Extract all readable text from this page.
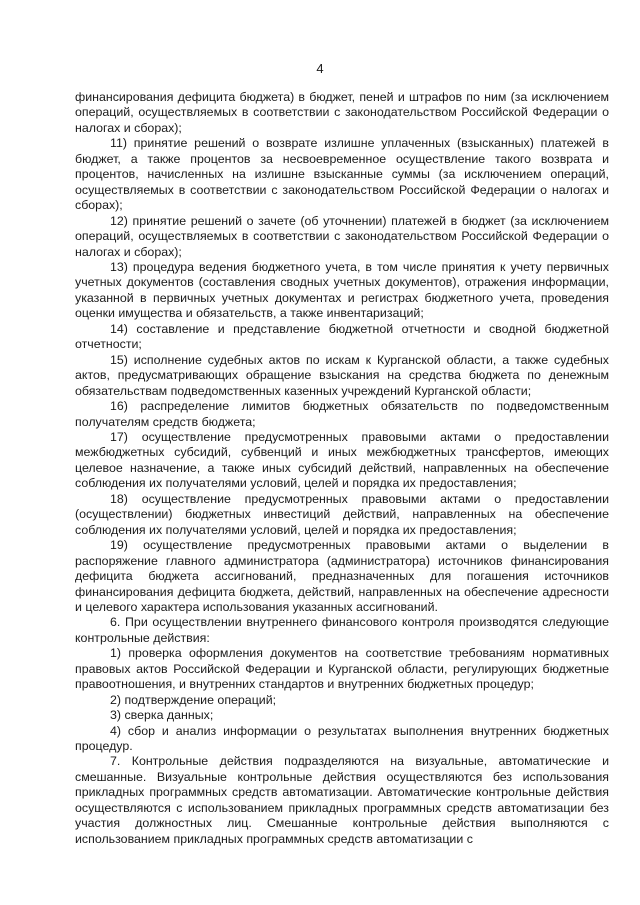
4

финансирования дефицита бюджета) в бюджет, пеней и штрафов по ним (за исключением операций, осуществляемых в соответствии с законодательством Российской Федерации о налогах и сборах);

11) принятие решений о возврате излишне уплаченных (взысканных) платежей в бюджет, а также процентов за несвоевременное осуществление такого возврата и процентов, начисленных на излишне взысканные суммы (за исключением операций, осуществляемых в соответствии с законодательством Российской Федерации о налогах и сборах);

12) принятие решений о зачете (об уточнении) платежей в бюджет (за исключением операций, осуществляемых в соответствии с законодательством Российской Федерации о налогах и сборах);

13) процедура ведения бюджетного учета, в том числе принятия к учету первичных учетных документов (составления сводных учетных документов), отражения информации, указанной в первичных учетных документах и регистрах бюджетного учета, проведения оценки имущества и обязательств, а также инвентаризаций;

14) составление и представление бюджетной отчетности и сводной бюджетной отчетности;

15) исполнение судебных актов по искам к Курганской области, а также судебных актов, предусматривающих обращение взыскания на средства бюджета по денежным обязательствам подведомственных казенных учреждений Курганской области;

16) распределение лимитов бюджетных обязательств по подведомственным получателям средств бюджета;

17) осуществление предусмотренных правовыми актами о предоставлении межбюджетных субсидий, субвенций и иных межбюджетных трансфертов, имеющих целевое назначение, а также иных субсидий действий, направленных на обеспечение соблюдения их получателями условий, целей и порядка их предоставления;

18) осуществление предусмотренных правовыми актами о предоставлении (осуществлении) бюджетных инвестиций действий, направленных на обеспечение соблюдения их получателями условий, целей и порядка их предоставления;

19) осуществление предусмотренных правовыми актами о выделении в распоряжение главного администратора (администратора) источников финансирования дефицита бюджета ассигнований, предназначенных для погашения источников финансирования дефицита бюджета, действий, направленных на обеспечение адресности и целевого характера использования указанных ассигнований.

6. При осуществлении внутреннего финансового контроля производятся следующие контрольные действия:

1) проверка оформления документов на соответствие требованиям нормативных правовых актов Российской Федерации и Курганской области, регулирующих бюджетные правоотношения, и внутренних стандартов и внутренних бюджетных процедур;

2) подтверждение операций;

3) сверка данных;

4) сбор и анализ информации о результатах выполнения внутренних бюджетных процедур.

7. Контрольные действия подразделяются на визуальные, автоматические и смешанные. Визуальные контрольные действия осуществляются без использования прикладных программных средств автоматизации. Автоматические контрольные действия осуществляются с использованием прикладных программных средств автоматизации без участия должностных лиц. Смешанные контрольные действия выполняются с использованием прикладных программных средств автоматизации с
